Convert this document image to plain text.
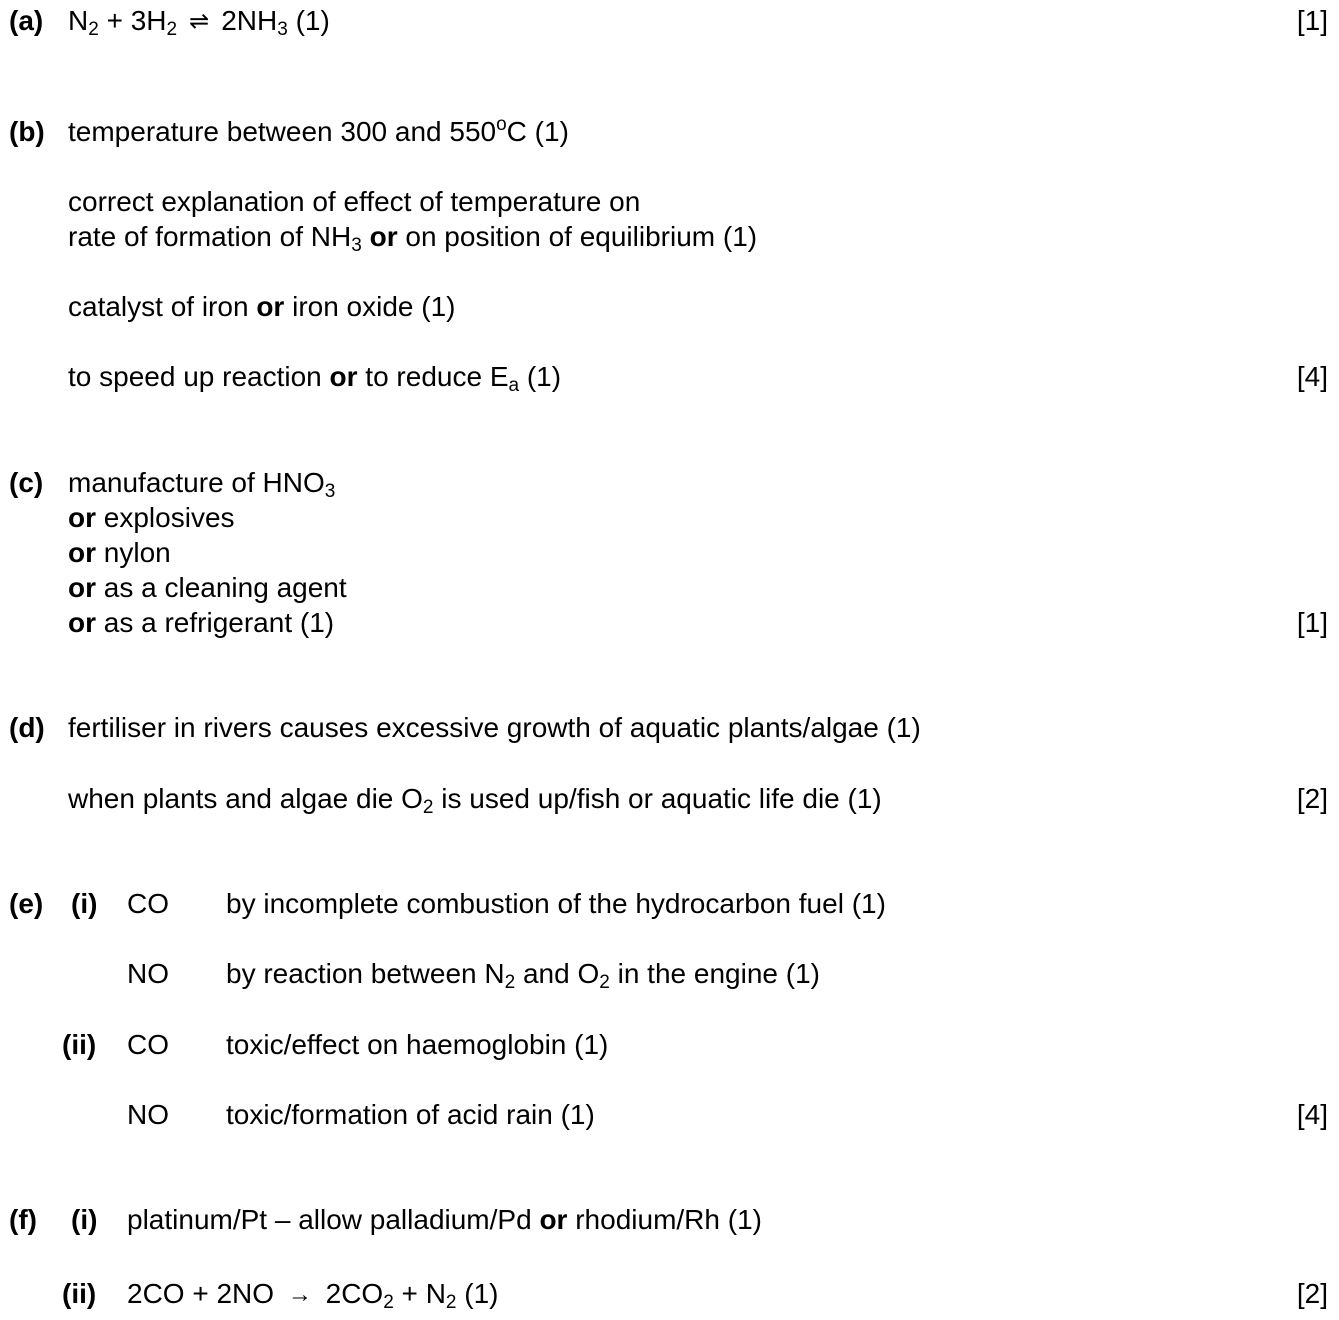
(a) $N_2 + 3H_2$ ⇌ $2NH_3$ (1)	[1]
(b) temperature between 300 and 550$^o$C (1)
correct explanation of effect of temperature on
rate of formation of $NH_3$ or on position of equilibrium (1)
catalyst of iron or iron oxide (1)
to speed up reaction or to reduce $E_a$ (1)	[4]
(c) manufacture of $HNO_3$
or explosives
or nylon
or as a cleaning agent
or as a refrigerant (1)	[1]
(d) fertiliser in rivers causes excessive growth of aquatic plants/algae (1)
when plants and algae die $O_2$ is used up/fish or aquatic life die (1)	[2]
(e) (i) CO by incomplete combustion of the hydrocarbon fuel (1)
NO by reaction between $N_2$ and $O_2$ in the engine (1)
(ii) CO toxic/effect on haemoglobin (1)
NO toxic/formation of acid rain (1)	[4]
(f) (i) platinum/Pt – allow palladium/Pd or rhodium/Rh (1)
(ii) $2CO + 2NO \to 2CO_2 + N_2$ (1)	[2]
